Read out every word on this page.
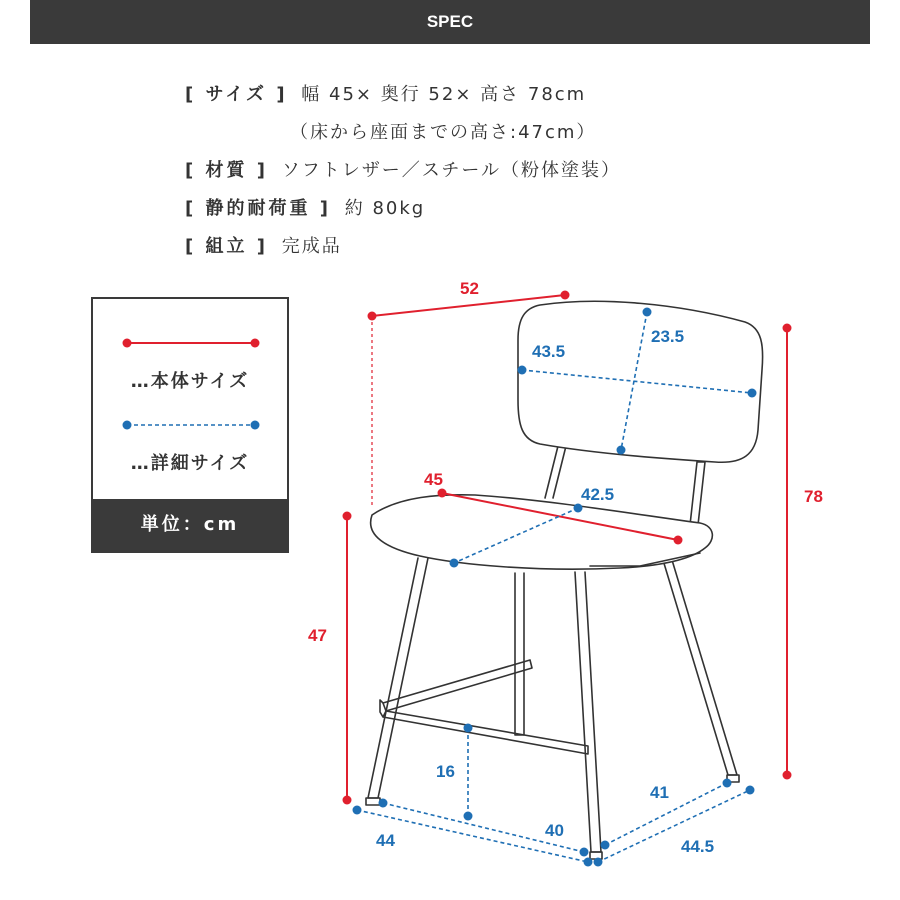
SPEC
[ サイズ ] 幅 45× 奥行 52× 高さ 78cm
（床から座面までの高さ:47cm）
[ 材質 ] ソフトレザー／スチール（粉体塗装）
[ 静的耐荷重 ] 約 80kg
[ 組立 ] 完成品
…本体サイズ
…詳細サイズ
単位：cm
52
78
45
47
43.5
23.5
42.5
16
44
40
41
44.5
